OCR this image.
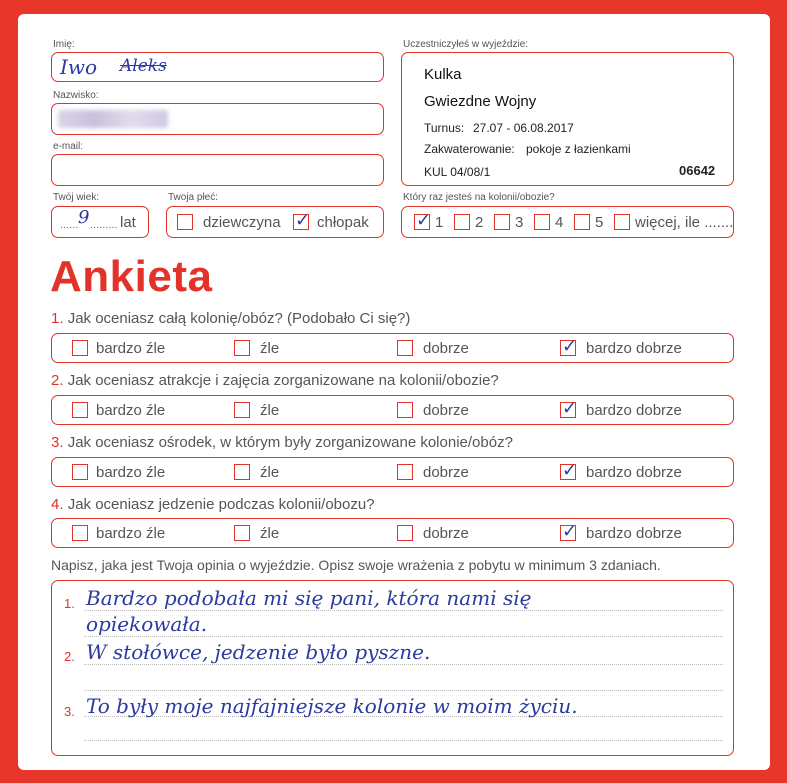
Imię:
Iwo Aleks
Nazwisko:
e-mail:
Twój wiek:
...... 9 ......... lat
Twoja płeć:
dziewczyna ✓ chłopak
Uczestniczyłeś w wyjeździe:
Kulka
Gwiezdne Wojny
Turnus: 27.07 - 06.08.2017
Zakwaterowanie: pokoje z łazienkami
KUL 04/08/1	06642
Który raz jesteś na kolonii/obozie?
✓ 1 2 3 4 5 więcej, ile .......
Ankieta
1. Jak oceniasz całą kolonię/obóz? (Podobało Ci się?)
bardzo źle	źle	dobrze	✓ bardzo dobrze
2. Jak oceniasz atrakcje i zajęcia zorganizowane na kolonii/obozie?
bardzo źle	źle	dobrze	✓ bardzo dobrze
3. Jak oceniasz ośrodek, w którym były zorganizowane kolonie/obóz?
bardzo źle	źle	dobrze	✓ bardzo dobrze
4. Jak oceniasz jedzenie podczas kolonii/obozu?
bardzo źle	źle	dobrze	✓ bardzo dobrze
Napisz, jaka jest Twoja opinia o wyjeździe. Opisz swoje wrażenia z pobytu w minimum 3 zdaniach.
1. Bardzo podobała mi się pani, która nami się
opiekowała.
2. W stołówce, jedzenie było pyszne.
3. To były moje najfajniejsze kolonie w moim życiu.
